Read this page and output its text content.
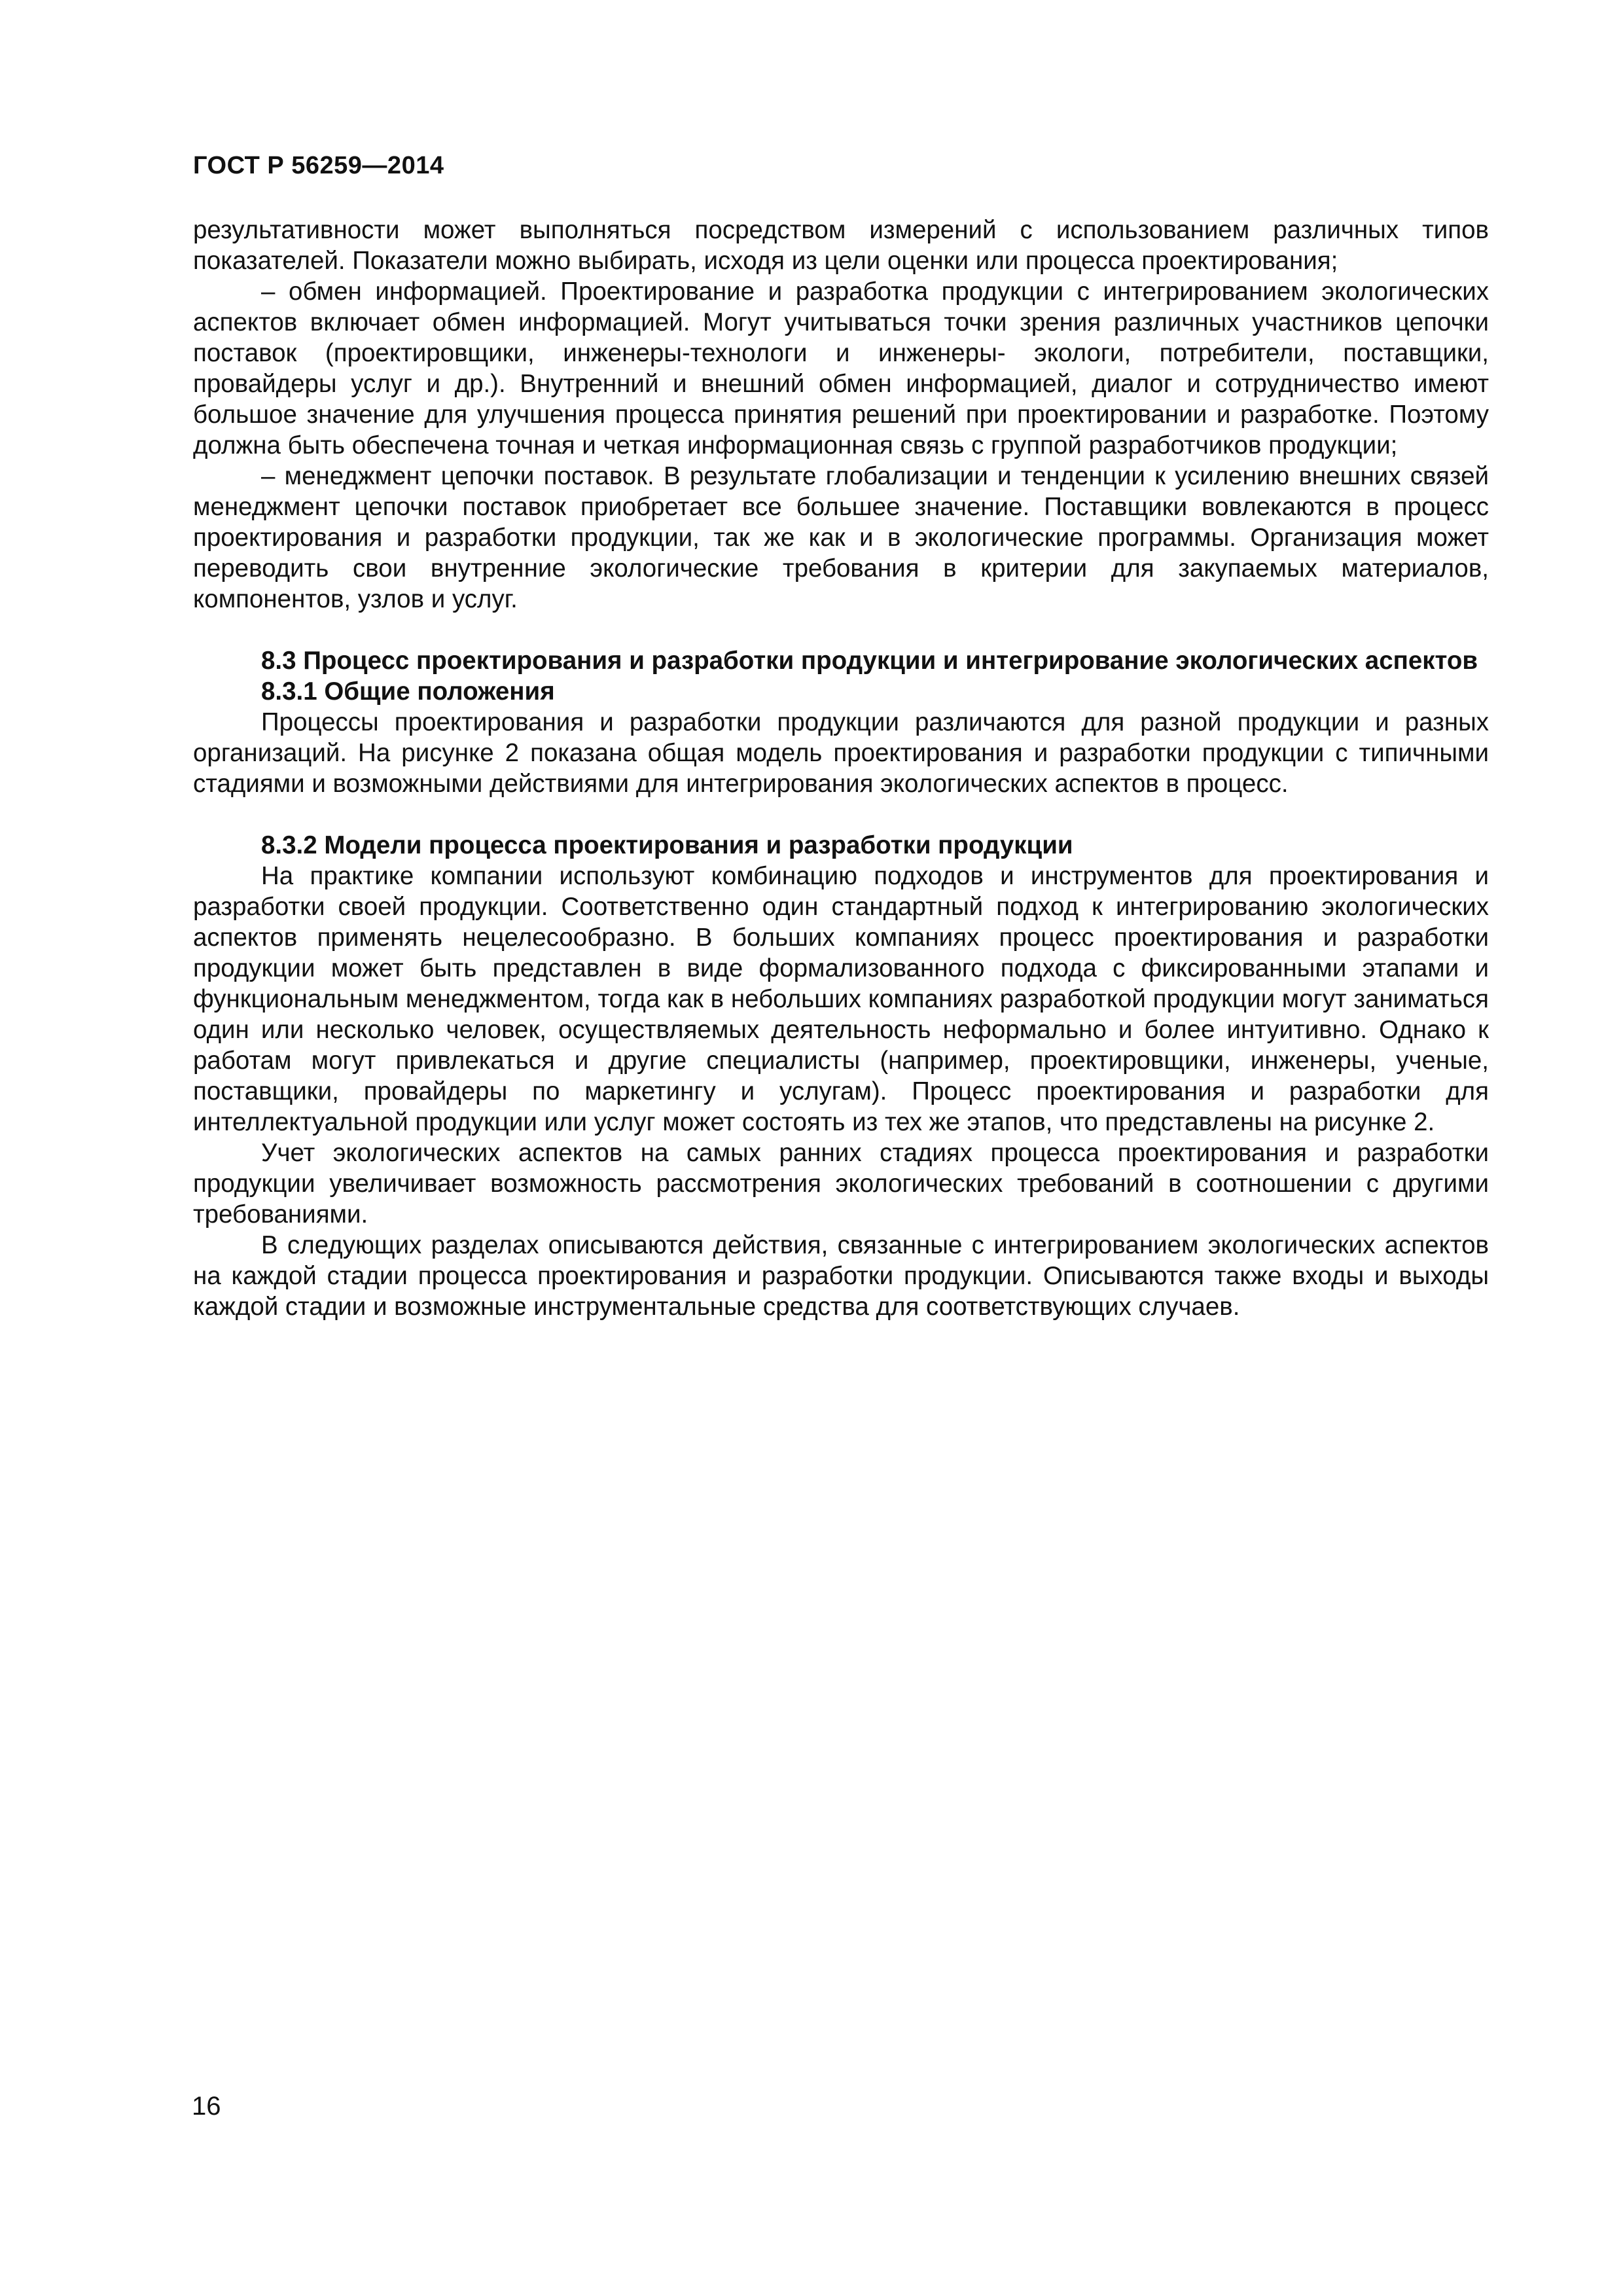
ГОСТ Р 56259—2014

результативности может выполняться посредством измерений с использованием различных типов показателей. Показатели можно выбирать, исходя из цели оценки или процесса проектирования;

– обмен информацией. Проектирование и разработка продукции с интегрированием экологических аспектов включает обмен информацией. Могут учитываться точки зрения различных участников цепочки поставок (проектировщики, инженеры-технологи и инженеры- экологи, потребители, поставщики, провайдеры услуг и др.). Внутренний и внешний обмен информацией, диалог и сотрудничество имеют большое значение для улучшения процесса принятия решений при проектировании и разработке. Поэтому должна быть обеспечена точная и четкая информационная связь с группой разработчиков продукции;

– менеджмент цепочки поставок. В результате глобализации и тенденции к усилению внешних связей менеджмент цепочки поставок приобретает все большее значение. Поставщики вовлекаются в процесс проектирования и разработки продукции, так же как и в экологические программы. Организация может переводить свои внутренние экологические требования в критерии для закупаемых материалов, компонентов, узлов и услуг.

8.3 Процесс проектирования и разработки продукции и интегрирование экологических аспектов

8.3.1 Общие положения

Процессы проектирования и разработки продукции различаются для разной продукции и разных организаций. На рисунке 2 показана общая модель проектирования и разработки продукции с типичными стадиями и возможными действиями для интегрирования экологических аспектов в процесс.

8.3.2 Модели процесса проектирования и разработки продукции

На практике компании используют комбинацию подходов и инструментов для проектирования и разработки своей продукции. Соответственно один стандартный подход к интегрированию экологических аспектов применять нецелесообразно. В больших компаниях процесс проектирования и разработки продукции может быть представлен в виде формализованного подхода с фиксированными этапами и функциональным менеджментом, тогда как в небольших компаниях разработкой продукции могут заниматься один или несколько человек, осуществляемых деятельность неформально и более интуитивно. Однако к работам могут привлекаться и другие специалисты (например, проектировщики, инженеры, ученые, поставщики, провайдеры по маркетингу и услугам). Процесс проектирования и разработки для интеллектуальной продукции или услуг может состоять из тех же этапов, что представлены на рисунке 2.

Учет экологических аспектов на самых ранних стадиях процесса проектирования и разработки продукции увеличивает возможность рассмотрения экологических требований в соотношении с другими требованиями.

В следующих разделах описываются действия, связанные с интегрированием экологических аспектов на каждой стадии процесса проектирования и разработки продукции. Описываются также входы и выходы каждой стадии и возможные инструментальные средства для соответствующих случаев.

16
